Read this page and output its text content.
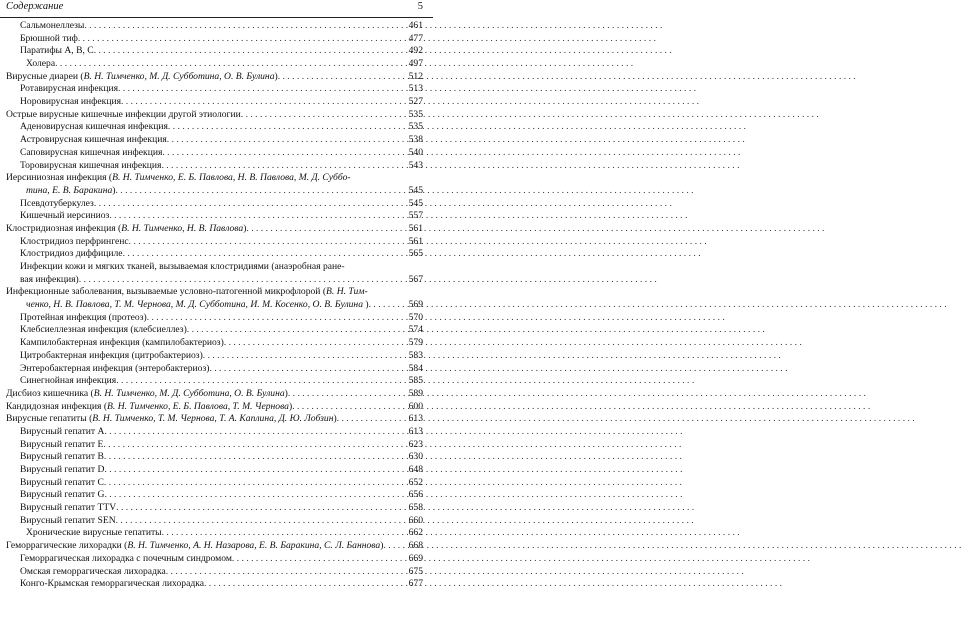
Содержание	5
Сальмонеллезы . . .	461
Брюшной тиф . . .	477
Паратифы А, В, С . . .	492
Холера . . .	497
Вирусные диареи (В. Н. Тимченко, М. Д. Субботина, О. В. Булина) . . .	512
Ротавирусная инфекция . . .	513
Норовирусная инфекция . . .	527
Острые вирусные кишечные инфекции другой этиологии . . .	535
Аденовирусная кишечная инфекция . . .	535
Астровирусная кишечная инфекция . . .	538
Саповирусная кишечная инфекция . . .	540
Торовирусная кишечная инфекция . . .	543
Иерсиниозная инфекция (В. Н. Тимченко, Е. Б. Павлова, Н. В. Павлова, М. Д. Суббо-
тина, Е. В. Баракина) . . .	545
Псевдотуберкулез . . .	545
Кишечный иерсиниоз . . .	557
Клостридиозная инфекция (В. Н. Тимченко, Н. В. Павлова) . . .	561
Клостридиоз перфрингенс . . .	561
Клостридиоз диффициле . . .	565
Инфекции кожи и мягких тканей, вызываемая клостридиями (анаэробная ране-
вая инфекция) . . .	567
Инфекционные заболевания, вызываемые условно-патогенной микрофлорой (В. Н. Тим-
ченко, Н. В. Павлова, Т. М. Чернова, М. Д. Субботина, И. М. Косенко, О. В. Булина ) . . .	569
Протейная инфекция (протеоз) . . .	570
Клебсиеллезная инфекция (клебсиеллез) . . .	574
Кампилобактерная инфекция (кампилобактериоз) . . .	579
Цитробактерная инфекция (цитробактериоз) . . .	583
Энтеробактерная инфекция (энтеробактериоз) . . .	584
Синегнойная инфекция . . .	585
Дисбиоз кишечника (В. Н. Тимченко, М. Д. Субботина, О. В. Булина) . . .	589
Кандидозная инфекция (В. Н. Тимченко, Е. Б. Павлова, Т. М. Чернова) . . .	600
Вирусные гепатиты (В. Н. Тимченко, Т. М. Чернова, Т. А. Каплина, Д. Ю. Лобзин) . . .	613
Вирусный гепатит А . . .	613
Вирусный гепатит Е . . .	623
Вирусный гепатит В . . .	630
Вирусный гепатит D . . .	648
Вирусный гепатит С . . .	652
Вирусный гепатит G . . .	656
Вирусный гепатит TTV . . .	658
Вирусный гепатит SEN . . .	660
Хронические вирусные гепатиты . . .	662
Геморрагические лихорадки (В. Н. Тимченко, А. Н. Назарова, Е. В. Баракина, С. Л. Баннова) . . .	668
Геморрагическая лихорадка с почечным синдромом . . .	669
Омская геморрагическая лихорадка . . .	675
Конго-Крымская геморрагическая лихорадка . . .	677
